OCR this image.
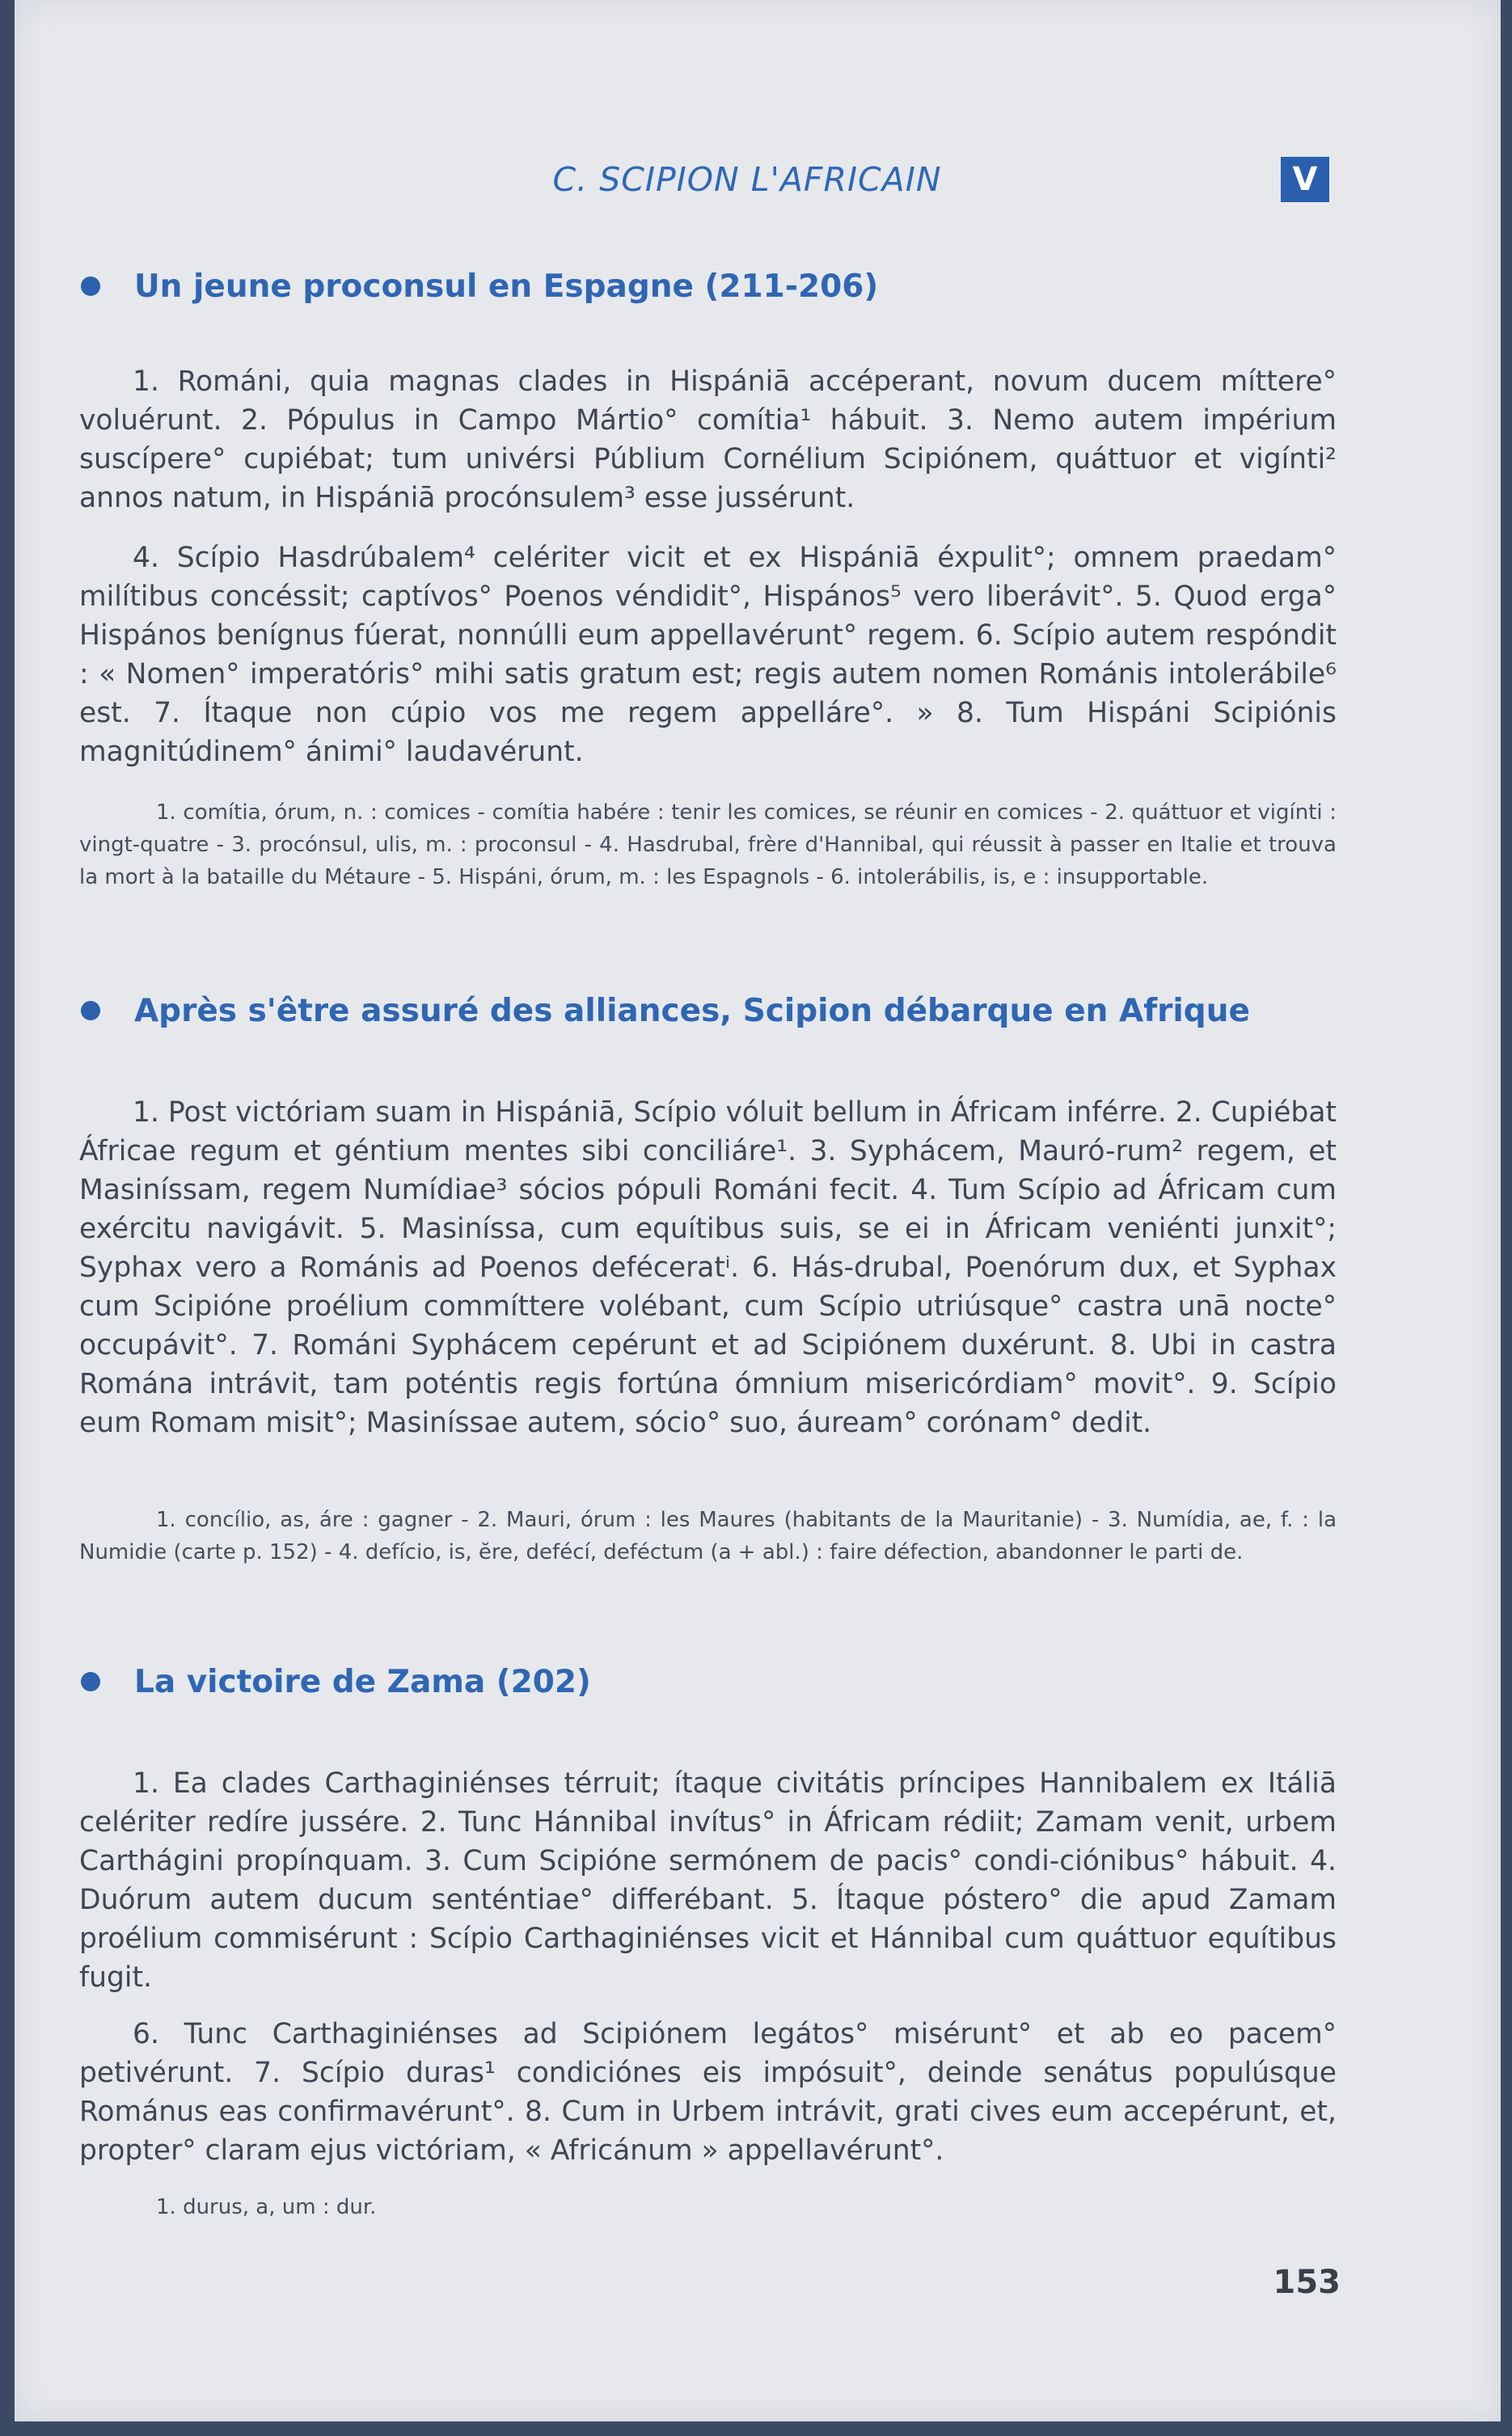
C. SCIPION L'AFRICAIN	V
Un jeune proconsul en Espagne (211-206)

1. Románi, quia magnas clades in Hispániā accéperant, novum ducem míttere° voluérunt. 2. Pópulus in Campo Mártio° comítia¹ hábuit. 3. Nemo autem impérium suscípere° cupiébat; tum univérsi Públium Cornélium Scipiónem, quáttuor et vigínti² annos natum, in Hispániā procónsulem³ esse jussérunt.

4. Scípio Hasdrúbalem⁴ celériter vicit et ex Hispániā éxpulit°; omnem praedam° milítibus concéssit; captívos° Poenos véndidit°, Hispános⁵ vero liberávit°. 5. Quod erga° Hispános benígnus fúerat, nonnúlli eum appellavérunt° regem. 6. Scípio autem respóndit : « Nomen° imperatóris° mihi satis gratum est; regis autem nomen Románis intolerábile⁶ est. 7. Ítaque non cúpio vos me regem appelláre°. » 8. Tum Hispáni Scipiónis magnitúdinem° ánimi° laudavérunt.

1. comítia, órum, n. : comices - comítia habére : tenir les comices, se réunir en comices - 2. quáttuor et vigínti : vingt-quatre - 3. procónsul, ulis, m. : proconsul - 4. Hasdrubal, frère d'Hannibal, qui réussit à passer en Italie et trouva la mort à la bataille du Métaure - 5. Hispáni, órum, m. : les Espagnols - 6. intolerábilis, is, e : insupportable.

Après s'être assuré des alliances, Scipion débarque en Afrique

1. Post victóriam suam in Hispániā, Scípio vóluit bellum in Áfricam inférre. 2. Cupiébat Áfricae regum et géntium mentes sibi conciliáre¹. 3. Syphácem, Mauró-rum² regem, et Masiníssam, regem Numídiae³ sócios pópuli Románi fecit. 4. Tum Scípio ad Áfricam cum exércitu navigávit. 5. Masiníssa, cum equítibus suis, se ei in Áfricam veniénti junxit°; Syphax vero a Románis ad Poenos deféceratⁱ. 6. Hás-drubal, Poenórum dux, et Syphax cum Scipióne proélium commíttere volébant, cum Scípio utriúsque° castra unā nocte° occupávit°. 7. Románi Syphácem cepérunt et ad Scipiónem duxérunt. 8. Ubi in castra Romána intrávit, tam poténtis regis fortúna ómnium misericórdiam° movit°. 9. Scípio eum Romam misit°; Masiníssae autem, sócio° suo, áuream° corónam° dedit.

1. concílio, as, áre : gagner - 2. Mauri, órum : les Maures (habitants de la Mauritanie) - 3. Numídia, ae, f. : la Numidie (carte p. 152) - 4. defício, is, ĕre, defécí, deféctum (a + abl.) : faire défection, abandonner le parti de.

La victoire de Zama (202)

1. Ea clades Carthaginiénses térruit; ítaque civitátis príncipes Hannibalem ex Itáliā celériter redíre jussére. 2. Tunc Hánnibal invítus° in Áfricam rédiit; Zamam venit, urbem Carthágini propínquam. 3. Cum Scipióne sermónem de pacis° condi-ciónibus° hábuit. 4. Duórum autem ducum senténtiae° differébant. 5. Ítaque póstero° die apud Zamam proélium commisérunt : Scípio Carthaginiénses vicit et Hánnibal cum quáttuor equítibus fugit.

6. Tunc Carthaginiénses ad Scipiónem legátos° misérunt° et ab eo pacem° petivérunt. 7. Scípio duras¹ condiciónes eis impósuit°, deinde senátus populúsque Románus eas confirmavérunt°. 8. Cum in Urbem intrávit, grati cives eum accepérunt, et, propter° claram ejus victóriam, « Africánum » appellavérunt°.

1. durus, a, um : dur.

153
